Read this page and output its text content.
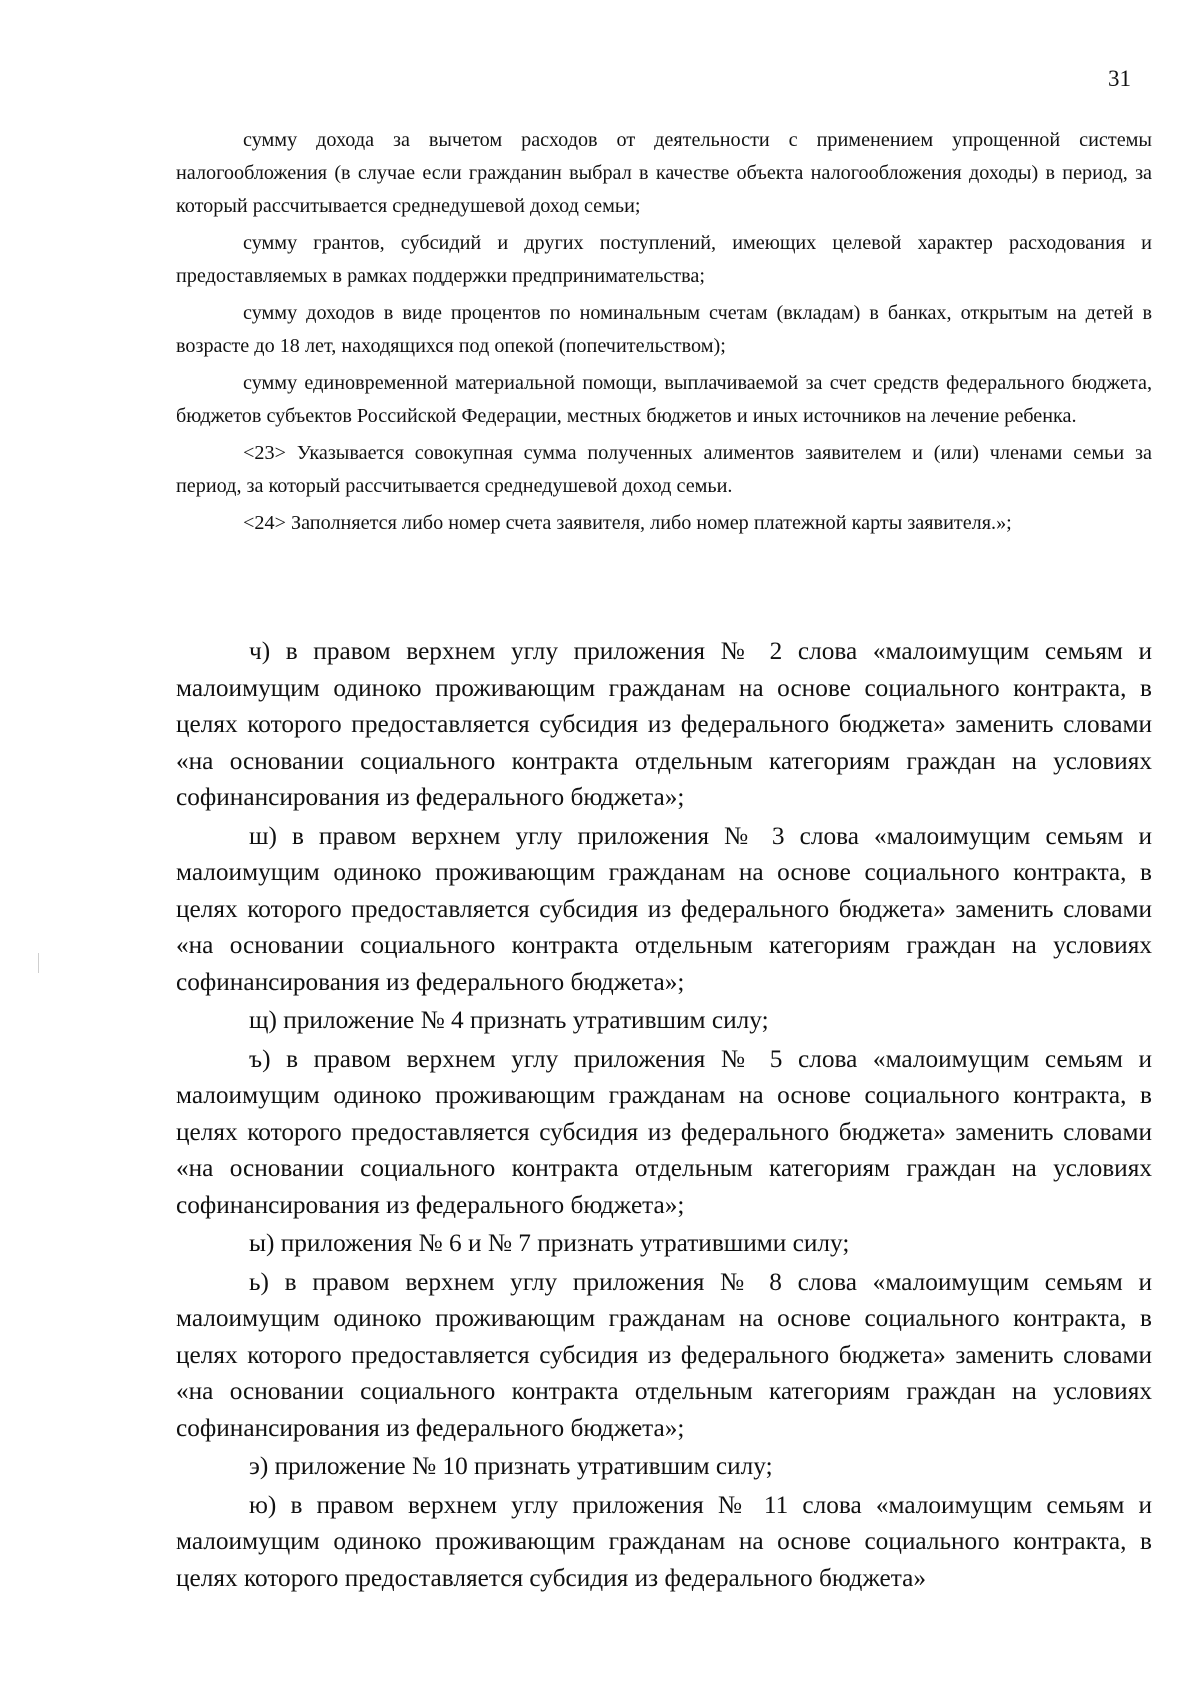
31

сумму дохода за вычетом расходов от деятельности с применением упрощенной системы налогообложения (в случае если гражданин выбрал в качестве объекта налогообложения доходы) в период, за который рассчитывается среднедушевой доход семьи;

сумму грантов, субсидий и других поступлений, имеющих целевой характер расходования и предоставляемых в рамках поддержки предпринимательства;

сумму доходов в виде процентов по номинальным счетам (вкладам) в банках, открытым на детей в возрасте до 18 лет, находящихся под опекой (попечительством);

сумму единовременной материальной помощи, выплачиваемой за счет средств федерального бюджета, бюджетов субъектов Российской Федерации, местных бюджетов и иных источников на лечение ребенка.

<23> Указывается совокупная сумма полученных алиментов заявителем и (или) членами семьи за период, за который рассчитывается среднедушевой доход семьи.

<24> Заполняется либо номер счета заявителя, либо номер платежной карты заявителя.»;

ч) в правом верхнем углу приложения № 2 слова «малоимущим семьям и малоимущим одиноко проживающим гражданам на основе социального контракта, в целях которого предоставляется субсидия из федерального бюджета» заменить словами «на основании социального контракта отдельным категориям граждан на условиях софинансирования из федерального бюджета»;

ш) в правом верхнем углу приложения № 3 слова «малоимущим семьям и малоимущим одиноко проживающим гражданам на основе социального контракта, в целях которого предоставляется субсидия из федерального бюджета» заменить словами «на основании социального контракта отдельным категориям граждан на условиях софинансирования из федерального бюджета»;

щ) приложение № 4 признать утратившим силу;

ъ) в правом верхнем углу приложения № 5 слова «малоимущим семьям и малоимущим одиноко проживающим гражданам на основе социального контракта, в целях которого предоставляется субсидия из федерального бюджета» заменить словами «на основании социального контракта отдельным категориям граждан на условиях софинансирования из федерального бюджета»;

ы) приложения № 6 и № 7 признать утратившими силу;

ь) в правом верхнем углу приложения № 8 слова «малоимущим семьям и малоимущим одиноко проживающим гражданам на основе социального контракта, в целях которого предоставляется субсидия из федерального бюджета» заменить словами «на основании социального контракта отдельным категориям граждан на условиях софинансирования из федерального бюджета»;

э) приложение № 10 признать утратившим силу;

ю) в правом верхнем углу приложения № 11 слова «малоимущим семьям и малоимущим одиноко проживающим гражданам на основе социального контракта, в целях которого предоставляется субсидия из федерального бюджета»
